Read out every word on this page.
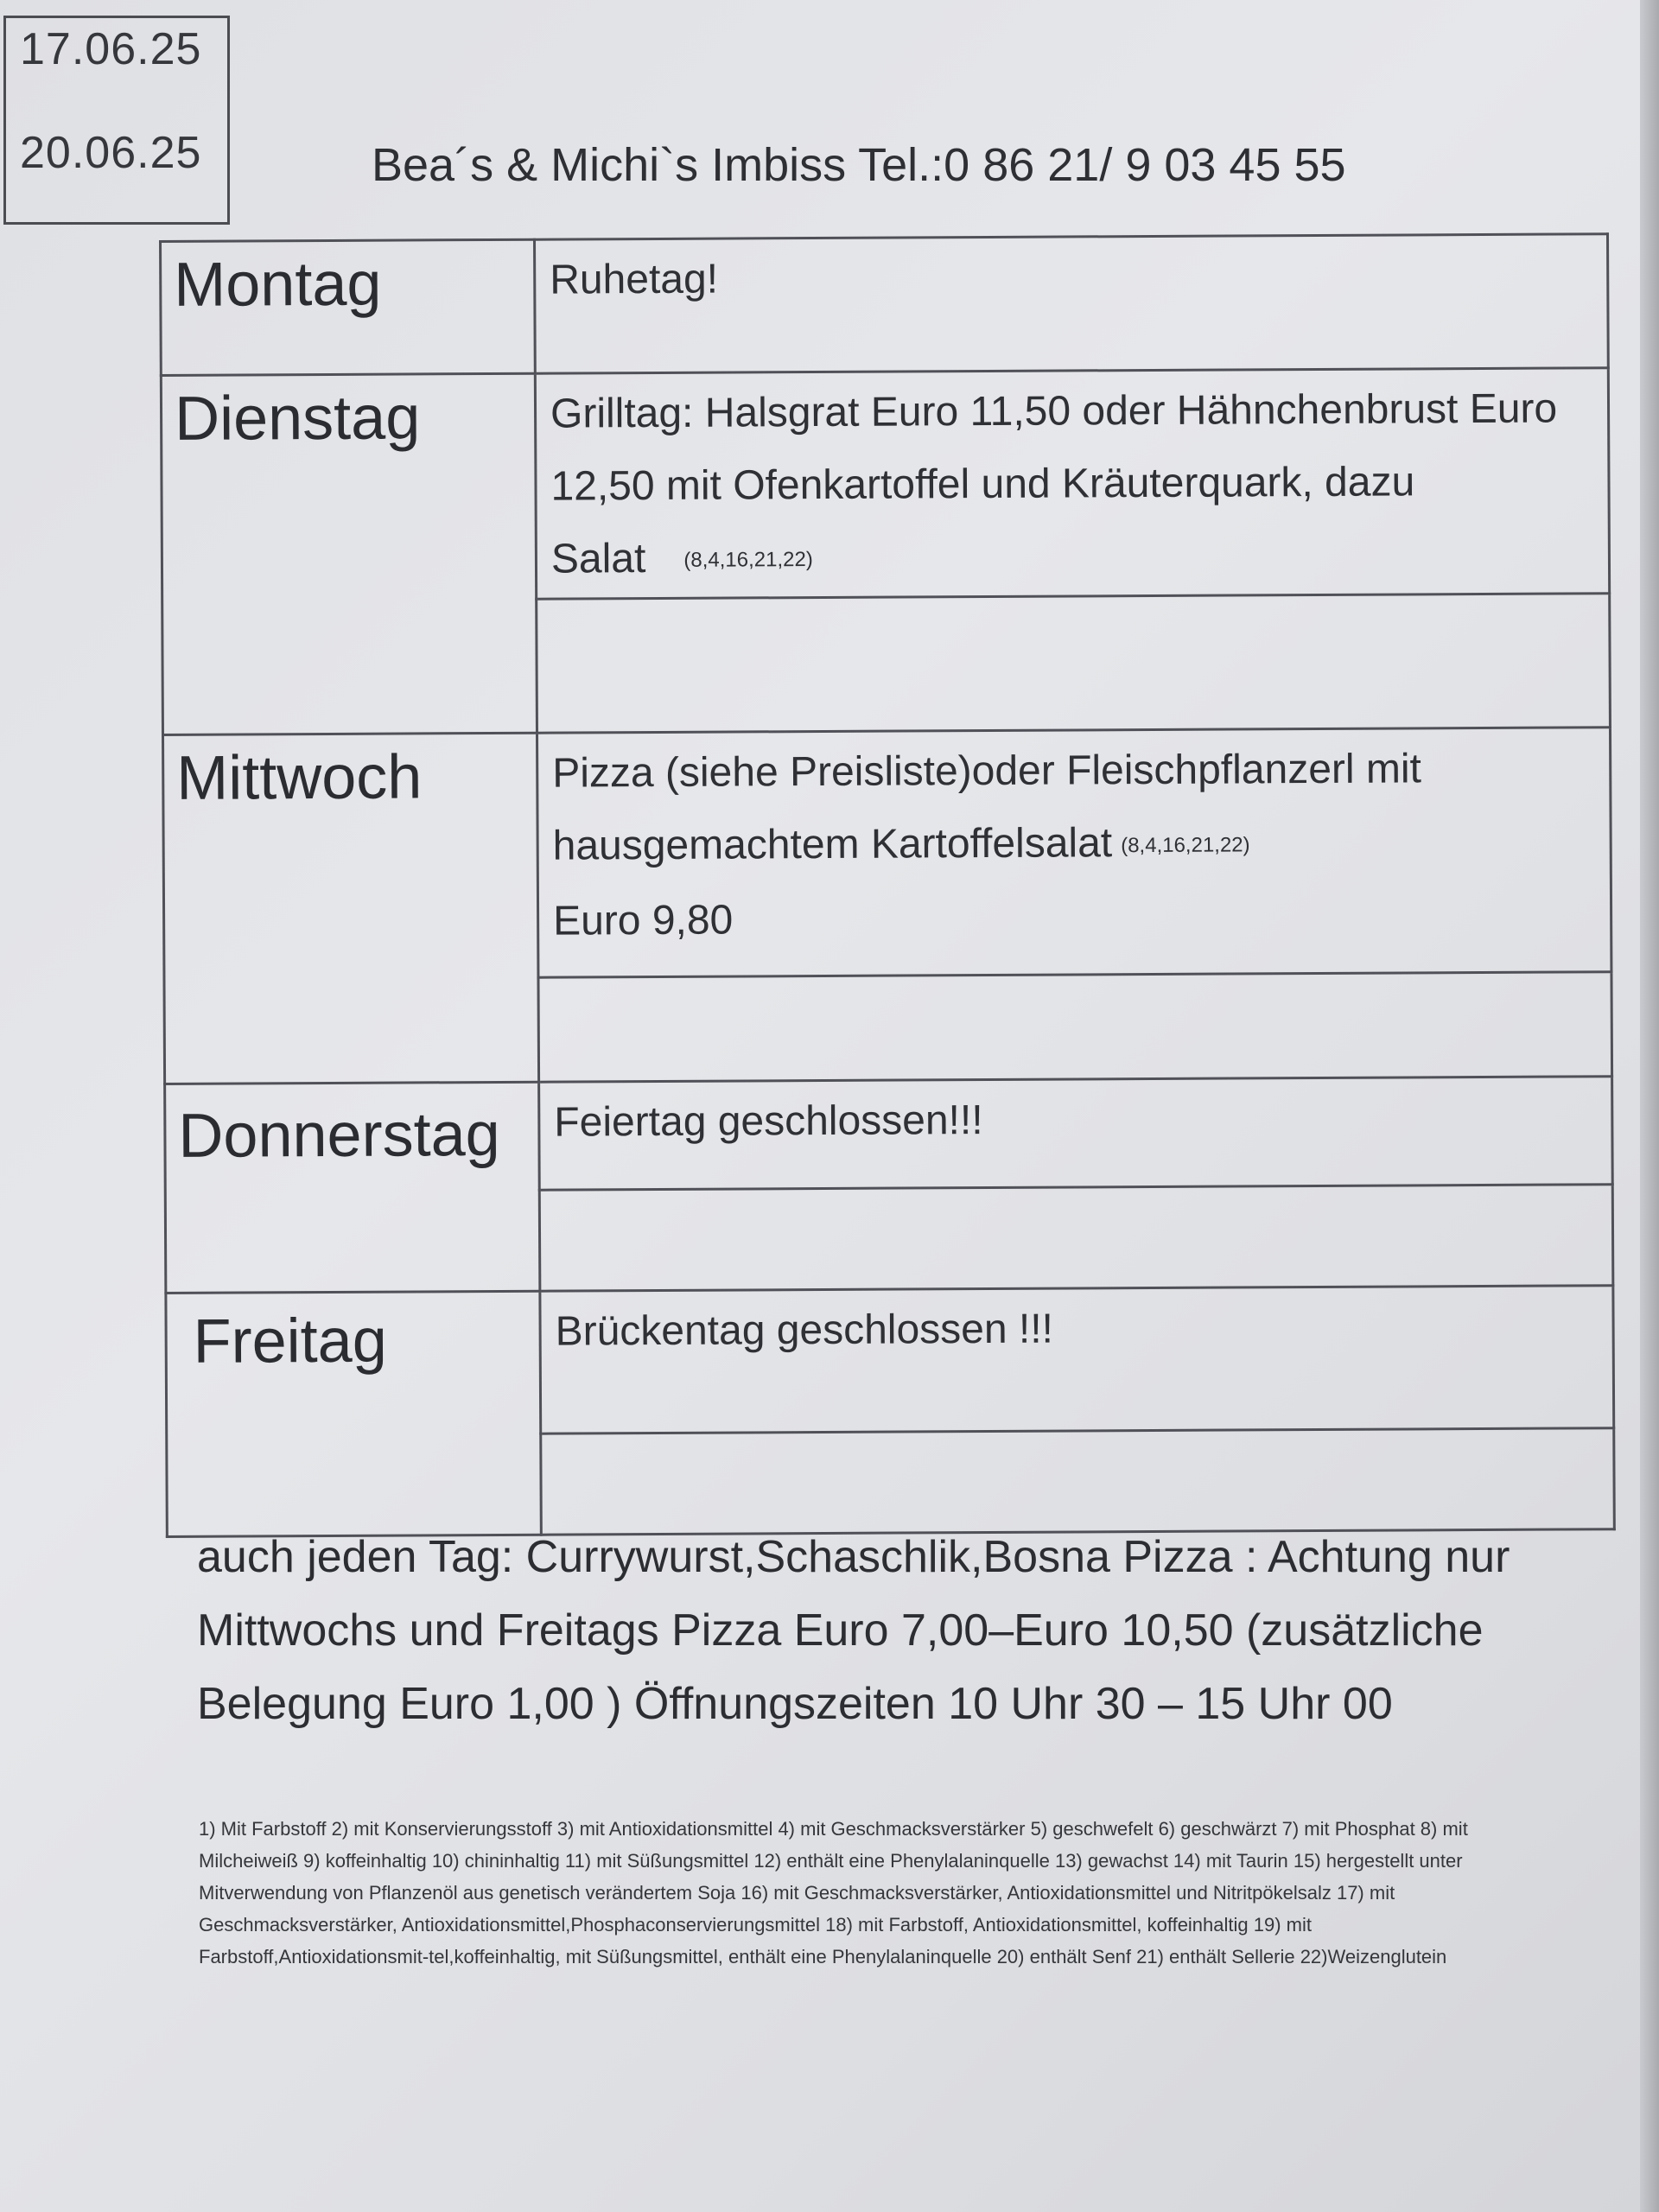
17.06.25
20.06.25	Bea´s & Michi`s Imbiss Tel.:0 86 21/ 9 03 45 55
Montag	Ruhetag!
Dienstag	Grilltag: Halsgrat Euro 11,50 oder Hähnchenbrust Euro 12,50 mit Ofenkartoffel und Kräuterquark, dazu Salat (8,4,16,21,22)

Mittwoch	Pizza (siehe Preisliste)oder Fleischpflanzerl mit
hausgemachtem Kartoffelsalat (8,4,16,21,22)
Euro 9,80

Donnerstag	Feiertag geschlossen!!!

Freitag	Brückentag geschlossen !!!

auch jeden Tag: Currywurst,Schaschlik,Bosna Pizza : Achtung nur Mittwochs und Freitags Pizza Euro 7,00–Euro 10,50 (zusätzliche Belegung Euro 1,00 ) Öffnungszeiten 10 Uhr 30 – 15 Uhr 00
1) Mit Farbstoff 2) mit Konservierungsstoff 3) mit Antioxidationsmittel 4) mit Geschmacksverstärker 5) geschwefelt 6) geschwärzt 7) mit Phosphat 8) mit Milcheiweiß 9) koffeinhaltig 10) chininhaltig 11) mit Süßungsmittel 12) enthält eine Phenylalaninquelle 13) gewachst 14) mit Taurin 15) hergestellt unter Mitverwendung von Pflanzenöl aus genetisch verändertem Soja 16) mit Geschmacksverstärker, Antioxidationsmittel und Nitritpökelsalz 17) mit Geschmacksverstärker, Antioxidationsmittel,Phosphaconservierungsmittel 18) mit Farbstoff, Antioxidationsmittel, koffeinhaltig 19) mit Farbstoff,Antioxidationsmit-tel,koffeinhaltig, mit Süßungsmittel, enthält eine Phenylalaninquelle 20) enthält Senf 21) enthält Sellerie 22)Weizenglutein
